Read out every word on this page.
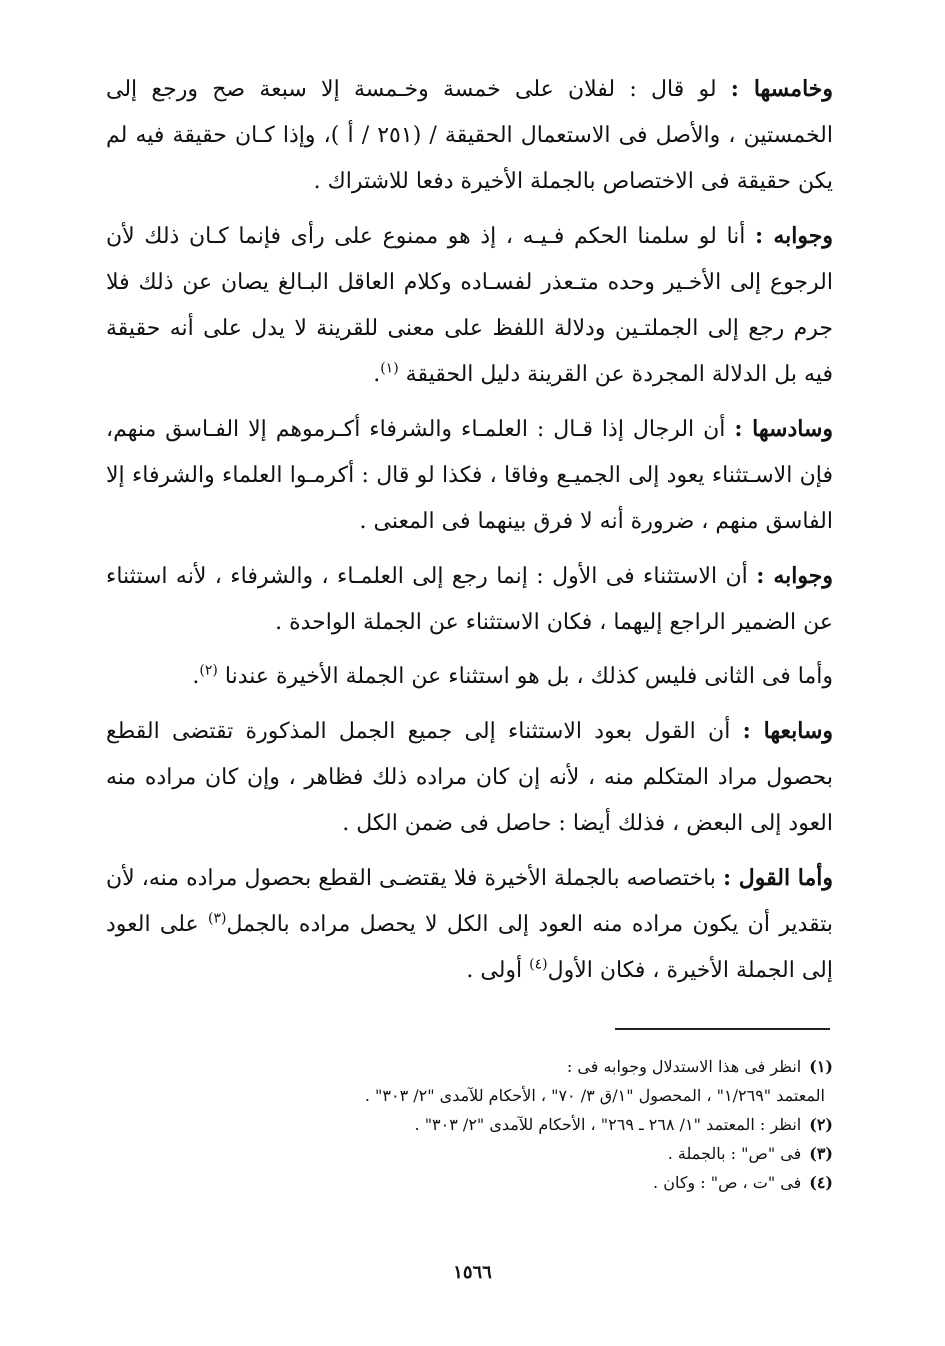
وخامسها : لو قال : لفلان على خمسة وخـمسة إلا سبعة صح ورجع إلى الخمستين ، والأصل فى الاستعمال الحقيقة / (٢٥١ / أ )، وإذا كـان حقيقة فيه لم يكن حقيقة فى الاختصاص بالجملة الأخيرة دفعا للاشتراك .

وجوابه : أنا لو سلمنا الحكم فـيـه ، إذ هو ممنوع على رأى فإنما كـان ذلك لأن الرجوع إلى الأخـير وحده متـعذر لفسـاده وكلام العاقل البـالغ يصان عن ذلك فلا جرم رجع إلى الجملتـين ودلالة اللفظ على معنى للقرينة لا يدل على أنه حقيقة فيه بل الدلالة المجردة عن القرينة دليل الحقيقة $^{(١)}$.

وسادسها : أن الرجال إذا قـال : العلمـاء والشرفاء أكـرموهم إلا الفـاسق منهم، فإن الاسـتثناء يعود إلى الجميـع وفاقا ، فكذا لو قال : أكرمـوا العلماء والشرفاء إلا الفاسق منهم ، ضرورة أنه لا فرق بينهما فى المعنى .

وجوابه : أن الاستثناء فى الأول : إنما رجع إلى العلمـاء ، والشرفاء ، لأنه استثناء عن الضمير الراجع إليهما ، فكان الاستثناء عن الجملة الواحدة .

وأما فى الثانى فليس كذلك ، بل هو استثناء عن الجملة الأخيرة عندنا $^{(٢)}$.

وسابعها : أن القول بعود الاستثناء إلى جميع الجمل المذكورة تقتضى القطع بحصول مراد المتكلم منه ، لأنه إن كان مراده ذلك فظاهر ، وإن كان مراده منه العود إلى البعض ، فذلك أيضا : حاصل فى ضمن الكل .

وأما القول : باختصاصه بالجملة الأخيرة فلا يقتضـى القطع بحصول مراده منه، لأن بتقدير أن يكون مراده منه العود إلى الكل لا يحصل مراده بالجمل$^{(٣)}$ على العود إلى الجملة الأخيرة ، فكان الأول$^{(٤)}$ أولى .

(١)انظر فى هذا الاستدلال وجوابه فى :
المعتمد "١/٢٦٩" ، المحصول "١/ق ٣/ ٧٠" ، الأحكام للآمدى "٢/ ٣٠٣" .
(٢)انظر : المعتمد "١/ ٢٦٨ ـ ٢٦٩" ، الأحكام للآمدى "٢/ ٣٠٣" .
(٣)فى "ص" : بالجملة .
(٤)فى "ت ، ص" : وكان .
١٥٦٦
